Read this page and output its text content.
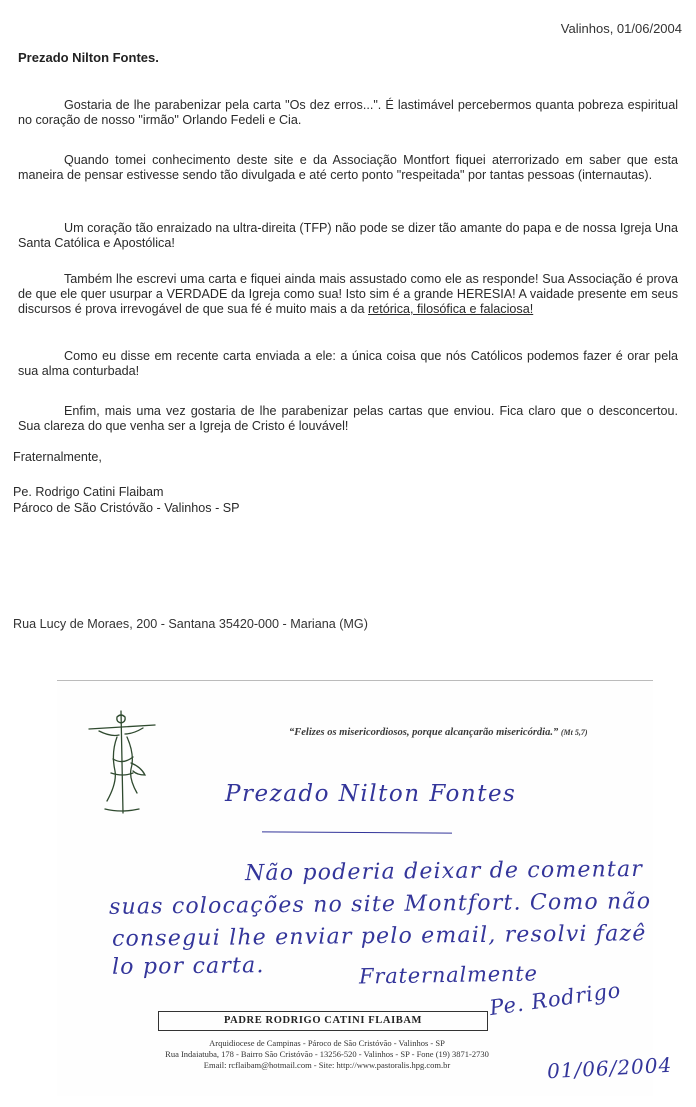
Valinhos, 01/06/2004
Prezado Nilton Fontes.

Gostaria de lhe parabenizar pela carta "Os dez erros...". É lastimável percebermos quanta pobreza espiritual no coração de nosso "irmão" Orlando Fedeli e Cia.

Quando tomei conhecimento deste site e da Associação Montfort fiquei aterrorizado em saber que esta maneira de pensar estivesse sendo tão divulgada e até certo ponto "respeitada" por tantas pessoas (internautas).

Um coração tão enraizado na ultra-direita (TFP) não pode se dizer tão amante do papa e de nossa Igreja Una Santa Católica e Apostólica!

Também lhe escrevi uma carta e fiquei ainda mais assustado como ele as responde! Sua Associação é prova de que ele quer usurpar a VERDADE da Igreja como sua! Isto sim é a grande HERESIA! A vaidade presente em seus discursos é prova irrevogável de que sua fé é muito mais a da retórica, filosófica e falaciosa!

Como eu disse em recente carta enviada a ele: a única coisa que nós Católicos podemos fazer é orar pela sua alma conturbada!

Enfim, mais uma vez gostaria de lhe parabenizar pelas cartas que enviou. Fica claro que o desconcertou. Sua clareza do que venha ser a Igreja de Cristo é louvável!

Fraternalmente,
Pe. Rodrigo Catini Flaibam
Pároco de São Cristóvão - Valinhos - SP
Rua Lucy de Moraes, 200 - Santana 35420-000 - Mariana (MG)
“Felizes os misericordiosos, porque alcançarão misericórdia.” (Mt 5,7)
Prezado Nilton Fontes
Não poderia deixar de comentar
suas colocações no site Montfort. Como não
consegui lhe enviar pelo email, resolvi fazê
lo por carta.	Fraternalmente
Pe. Rodrigo
PADRE RODRIGO CATINI FLAIBAM
Arquidiocese de Campinas - Pároco de São Cristóvão - Valinhos - SP
Rua Indaiatuba, 178 - Bairro São Cristóvão - 13256-520 - Valinhos - SP - Fone (19) 3871-2730
Email: rcflaibam@hotmail.com - Site: http://www.pastoralis.hpg.com.br	01/06/2004
